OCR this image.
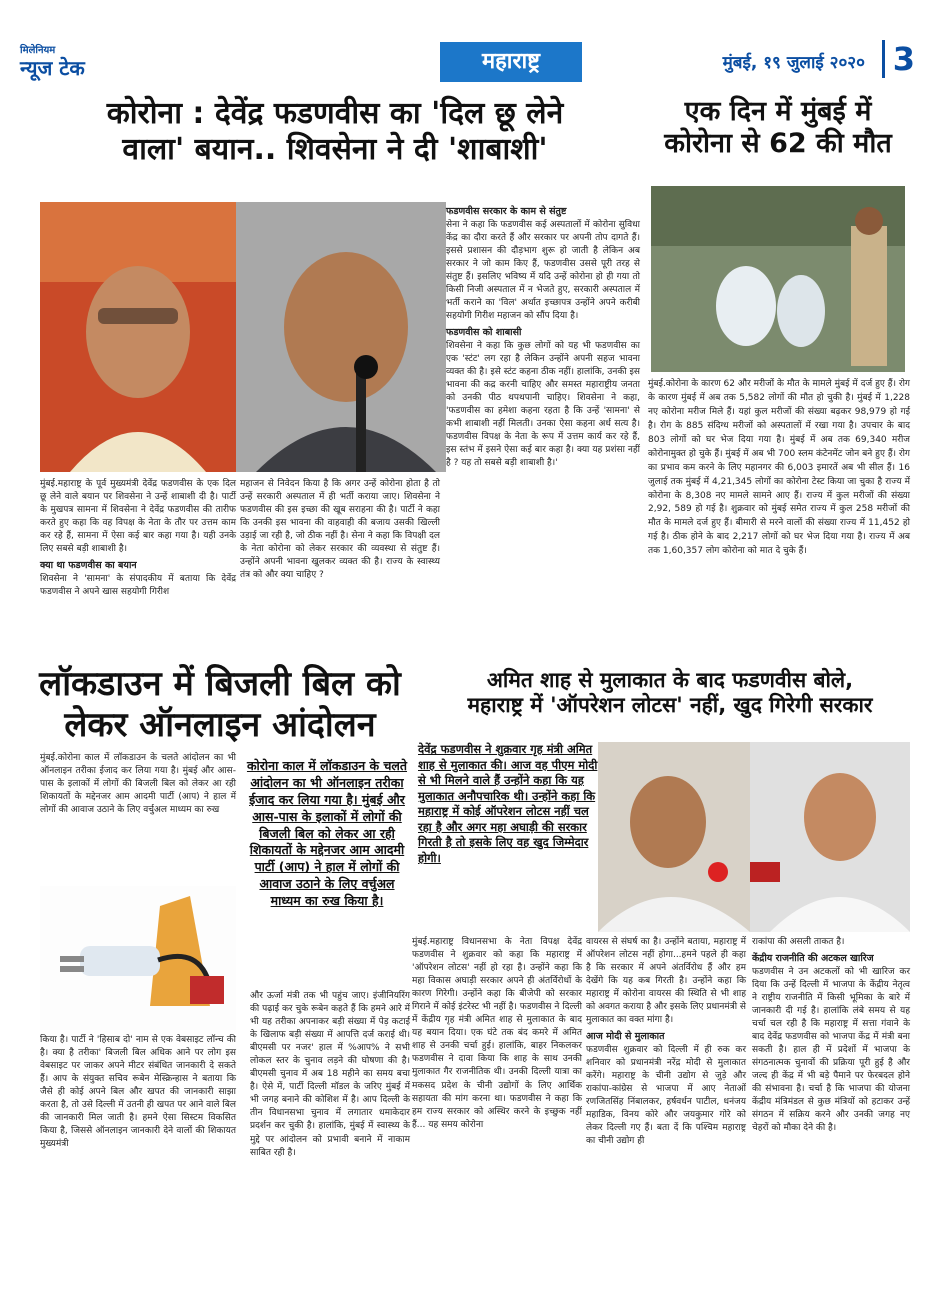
मिलेनियम
न्यूज टेक	महाराष्ट्र	मुंबई, १९ जुलाई २०२० 3
कोरोना : देवेंद्र फडणवीस का 'दिल छू लेने
वाला' बयान.. शिवसेना ने दी 'शाबाशी'
मुंबई.महाराष्ट्र के पूर्व मुख्यमंत्री देवेंद्र फडणवीस के एक दिल छू लेने वाले बयान पर शिवसेना ने उन्हें शाबाशी दी है। पार्टी के मुखपत्र सामना में शिवसेना ने देवेंद्र फडणवीस की तारीफ करते हुए कहा कि वह विपक्ष के नेता के तौर पर उत्तम काम कर रहे हैं, सामना में ऐसा कई बार कहा गया है। यही उनके लिए सबसे बड़ी शाबाशी है।
क्या था फडणवीस का बयान
शिवसेना ने 'सामना' के संपादकीय में बताया कि देवेंद्र फडणवीस ने अपने खास सहयोगी गिरीश
महाजन से निवेदन किया है कि अगर उन्हें कोरोना होता है तो उन्हें सरकारी अस्पताल में ही भर्ती कराया जाए। शिवसेना ने फडणवीस की इस इच्छा की खूब सराहना की है। पार्टी ने कहा कि उनकी इस भावना की वाहवाही की बजाय उसकी खिल्ली उड़ाई जा रही है, जो ठीक नहीं है। सेना ने कहा कि विपक्षी दल के नेता कोरोना को लेकर सरकार की व्यवस्था से संतुष्ट हैं। उन्होंने अपनी भावना खुलकर व्यक्त की है। राज्य के स्वास्थ्य तंत्र को और क्या चाहिए ?
फडणवीस सरकार के काम से संतुष्ट
सेना ने कहा कि फडणवीस कई अस्पतालों में कोरोना सुविधा केंद्र का दौरा करते हैं और सरकार पर अपनी तोप दागते हैं। इससे प्रशासन की दौड़भाग शुरू हो जाती है लेकिन अब सरकार ने जो काम किए हैं, फडणवीस उससे पूरी तरह से संतुष्ट हैं। इसलिए भविष्य में यदि उन्हें कोरोना हो ही गया तो किसी निजी अस्पताल में न भेजते हुए, सरकारी अस्पताल में भर्ती कराने का 'विल' अर्थात इच्छापत्र उन्होंने अपने करीबी सहयोगी गिरीश महाजन को सौंप दिया है।
फडणवीस को शाबासी
शिवसेना ने कहा कि कुछ लोगों को यह भी फडणवीस का एक 'स्टंट' लग रहा है लेकिन उन्होंने अपनी सहज भावना व्यक्त की है। इसे स्टंट कहना ठीक नहीं। हालांकि, उनकी इस भावना की कद्र करनी चाहिए और समस्त महाराष्ट्रीय जनता को उनकी पीठ थपथपानी चाहिए। शिवसेना ने कहा, 'फडणवीस का हमेशा कहना रहता है कि उन्हें 'सामना' से कभी शाबाशी नहीं मिलती। उनका ऐसा कहना अर्ध सत्य है। फडणवीस विपक्ष के नेता के रूप में उत्तम कार्य कर रहे हैं, इस स्तंभ में इसने ऐसा कई बार कहा है। क्या यह प्रशंसा नहीं है ? यह तो सबसे बड़ी शाबाशी है।'
एक दिन में मुंबई में
कोरोना से 62 की मौत
मुंबई.कोरोना के कारण 62 और मरीजों के मौत के मामले मुंबई में दर्ज हुए हैं। रोग के कारण मुंबई में अब तक 5,582 लोगों की मौत हो चुकी है। मुंबई में 1,228 नए कोरोना मरीज मिले हैं। यहां कुल मरीजों की संख्या बढ़कर 98,979 हो गई है। रोग के 885 संदिग्ध मरीजों को अस्पतालों में रखा गया है। उपचार के बाद 803 लोगों को घर भेज दिया गया है। मुंबई में अब तक 69,340 मरीज कोरोनामुक्त हो चुके हैं। मुंबई में अब भी 700 स्लम कंटेनमेंट जोन बने हुए हैं। रोग का प्रभाव कम करने के लिए महानगर की 6,003 इमारतें अब भी सील हैं। 16 जुलाई तक मुंबई में 4,21,345 लोगों का कोरोना टेस्ट किया जा चुका है राज्य में कोरोना के 8,308 नए मामले सामने आए हैं। राज्य में कुल मरीजों की संख्या 2,92, 589 हो गई है। शुक्रवार को मुंबई समेत राज्य में कुल 258 मरीजों की मौत के मामले दर्ज हुए हैं। बीमारी से मरने वालों की संख्या राज्य में 11,452 हो गई है। ठीक होने के बाद 2,217 लोगों को घर भेज दिया गया है। राज्य में अब तक 1,60,357 लोग कोरोना को मात दे चुके हैं।
लॉकडाउन में बिजली बिल को
लेकर ऑनलाइन आंदोलन
मुंबई.कोरोना काल में लॉकडाउन के चलते आंदोलन का भी ऑनलाइन तरीका ईजाद कर लिया गया है। मुंबई और आस-पास के इलाकों में लोगों की बिजली बिल को लेकर आ रही शिकायतों के मद्देनजर आम आदमी पार्टी (आप) ने हाल में लोगों की आवाज उठाने के लिए वर्चुअल माध्यम का रुख
कोरोना काल में लॉकडाउन के चलते आंदोलन का भी ऑनलाइन तरीका ईजाद कर लिया गया है। मुंबई और आस-पास के इलाकों में लोगों की बिजली बिल को लेकर आ रही शिकायतों के मद्देनजर आम आदमी पार्टी (आप) ने हाल में लोगों की आवाज उठाने के लिए वर्चुअल माध्यम का रुख किया है।
किया है। पार्टी ने 'हिसाब दो' नाम से एक वेबसाइट लॉन्च की है। क्या है तरीका' बिजली बिल अधिक आने पर लोग इस वेबसाइट पर जाकर अपने मीटर संबंधित जानकारी दे सकते हैं। आप के संयुक्त सचिव रूबेन मेस्क्रिन्हास ने बताया कि जैसे ही कोई अपने बिल और खपत की जानकारी साझा करता है, तो उसे दिल्ली में उतनी ही खपत पर आने वाले बिल की जानकारी मिल जाती है। हमने ऐसा सिस्टम विकसित किया है, जिससे ऑनलाइन जानकारी देने वालों की शिकायत मुख्यमंत्री
और ऊर्जा मंत्री तक भी पहुंच जाए। इंजीनियरिंग की पढ़ाई कर चुके रूबेन कहते हैं कि हमने आरे में भी यह तरीका अपनाकर बड़ी संख्या में पेड़ कटाई के खिलाफ बड़ी संख्या में आपत्ति दर्ज कराई थी। बीएमसी पर नजर' हाल में %आप% ने सभी लोकल स्तर के चुनाव लड़ने की घोषणा की है। बीएमसी चुनाव में अब 18 महीने का समय बचा है। ऐसे में, पार्टी दिल्ली मॉडल के जरिए मुंबई में भी जगह बनाने की कोशिश में है। आप दिल्ली के तीन विधानसभा चुनाव में लगातार धमाकेदार प्रदर्शन कर चुकी है। हालांकि, मुंबई में स्वास्थ्य के मुद्दे पर आंदोलन को प्रभावी बनाने में नाकाम साबित रही है।
अमित शाह से मुलाकात के बाद फडणवीस बोले,
महाराष्ट्र में 'ऑपरेशन लोटस' नहीं, खुद गिरेगी सरकार
देवेंद्र फडणवीस ने शुक्रवार गृह मंत्री अमित शाह से मुलाकात की। आज वह पीएम मोदी से भी मिलने वाले हैं उन्होंने कहा कि यह मुलाकात अनौपचारिक थी। उन्होंने कहा कि महाराष्ट्र में कोई ऑपरेशन लोटस नहीं चल रहा है और अगर महा अघाड़ी की सरकार गिरती है तो इसके लिए वह खुद जिम्मेदार होगी।
मुंबई.महाराष्ट्र विधानसभा के नेता विपक्ष देवेंद्र फडणवीस ने शुक्रवार को कहा कि महाराष्ट्र में 'ऑपरेशन लोटस' नहीं हो रहा है। उन्होंने कहा कि महा विकास अघाड़ी सरकार अपने ही अंतर्विरोधों के कारण गिरेगी। उन्होंने कहा कि बीजेपी को सरकार गिराने में कोई इंटरेस्ट भी नहीं है। फडणवीस ने दिल्ली में केंद्रीय गृह मंत्री अमित शाह से मुलाकात के बाद यह बयान दिया। एक घंटे तक बंद कमरे में अमित शाह से उनकी चर्चा हुई। हालांकि, बाहर निकलकर फडणवीस ने दावा किया कि शाह के साथ उनकी मुलाकात गैर राजनीतिक थी। उनकी दिल्ली यात्रा का मकसद प्रदेश के चीनी उद्योगों के लिए आर्थिक सहायता की मांग करना था। फडणवीस ने कहा कि हम राज्य सरकार को अस्थिर करने के इच्छुक नहीं हैं... यह समय कोरोना
वायरस से संघर्ष का है। उन्होंने बताया, महाराष्ट्र में ऑपरेशन लोटस नहीं होगा...हमने पहले ही कहा है कि सरकार में अपने अंतर्विरोध हैं और हम देखेंगे कि यह कब गिरती है। उन्होंने कहा कि महाराष्ट्र में कोरोना वायरस की स्थिति से भी शाह को अवगत कराया है और इसके लिए प्रधानमंत्री से मुलाकात का वक्त मांगा है।
आज मोदी से मुलाकात
फडणवीस शुक्रवार को दिल्ली में ही रुक कर शनिवार को प्रधानमंत्री नरेंद्र मोदी से मुलाकात करेंगे। महाराष्ट्र के चीनी उद्योग से जुड़े और राकांपा-कांग्रेस से भाजपा में आए नेताओं रणजितसिंह निंबालकर, हर्षवर्धन पाटील, धनंजय महाडिक, विनय कोरे और जयकुमार गोरे को लेकर दिल्ली गए हैं। बता दें कि पश्चिम महाराष्ट्र का चीनी उद्योग ही
राकांपा की असली ताकत है।
केंद्रीय राजनीति की अटकल खारिज
फडणवीस ने उन अटकलों को भी खारिज कर दिया कि उन्हें दिल्ली में भाजपा के केंद्रीय नेतृत्व ने राष्ट्रीय राजनीति में किसी भूमिका के बारे में जानकारी दी गई है। हालांकि लंबे समय से यह चर्चा चल रही है कि महाराष्ट्र में सत्ता गंवाने के बाद देवेंद्र फडणवीस को भाजपा केंद्र में मंत्री बना सकती है। हाल ही में प्रदेशों में भाजपा के संगठनात्मक चुनावों की प्रक्रिया पूरी हुई है और जल्द ही केंद्र में भी बड़े पैमाने पर फेरबदल होने की संभावना है। चर्चा है कि भाजपा की योजना केंद्रीय मंत्रिमंडल से कुछ मंत्रियों को हटाकर उन्हें संगठन में सक्रिय करने और उनकी जगह नए चेहरों को मौका देने की है।
